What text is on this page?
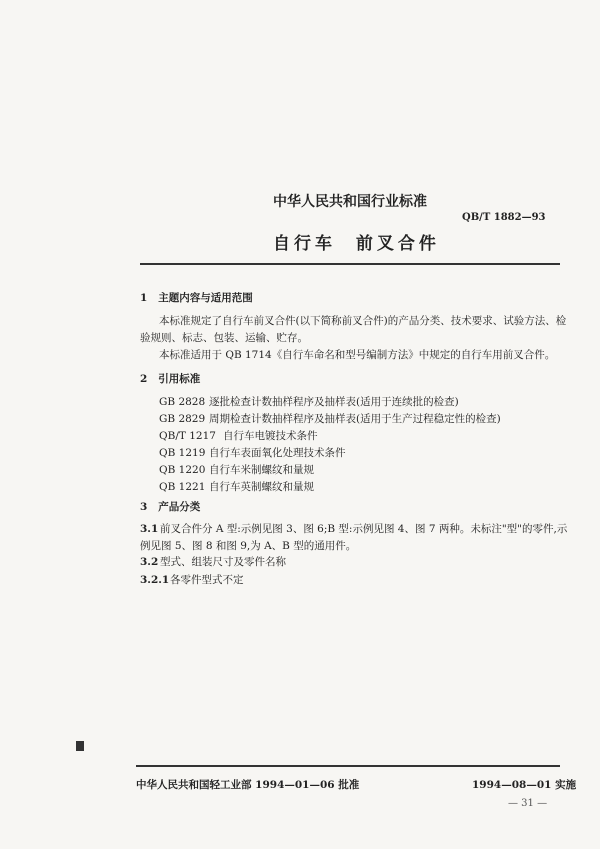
中华人民共和国行业标准
QB/T 1882—93
自行车  前叉合件
1   主题内容与适用范围
本标准规定了自行车前叉合件(以下简称前叉合件)的产品分类、技术要求、试验方法、检
验规则、标志、包装、运输、贮存。
本标准适用于 QB 1714《自行车命名和型号编制方法》中规定的自行车用前叉合件。
2   引用标准
GB 2828 逐批检查计数抽样程序及抽样表(适用于连续批的检查)
GB 2829 周期检查计数抽样程序及抽样表(适用于生产过程稳定性的检查)
QB/T 1217 自行车电镀技术条件
QB 1219 自行车表面氧化处理技术条件
QB 1220 自行车米制螺纹和量规
QB 1221 自行车英制螺纹和量规
3   产品分类
3.1 前叉合件分 A 型:示例见图 3、图 6;B 型:示例见图 4、图 7 两种。未标注"型"的零件,示
例见图 5、图 8 和图 9,为 A、B 型的通用件。
3.2 型式、组装尺寸及零件名称
3.2.1各零件型式不定
中华人民共和国轻工业部 1994—01—06 批准	1994—08—01 实施
— 31 —
